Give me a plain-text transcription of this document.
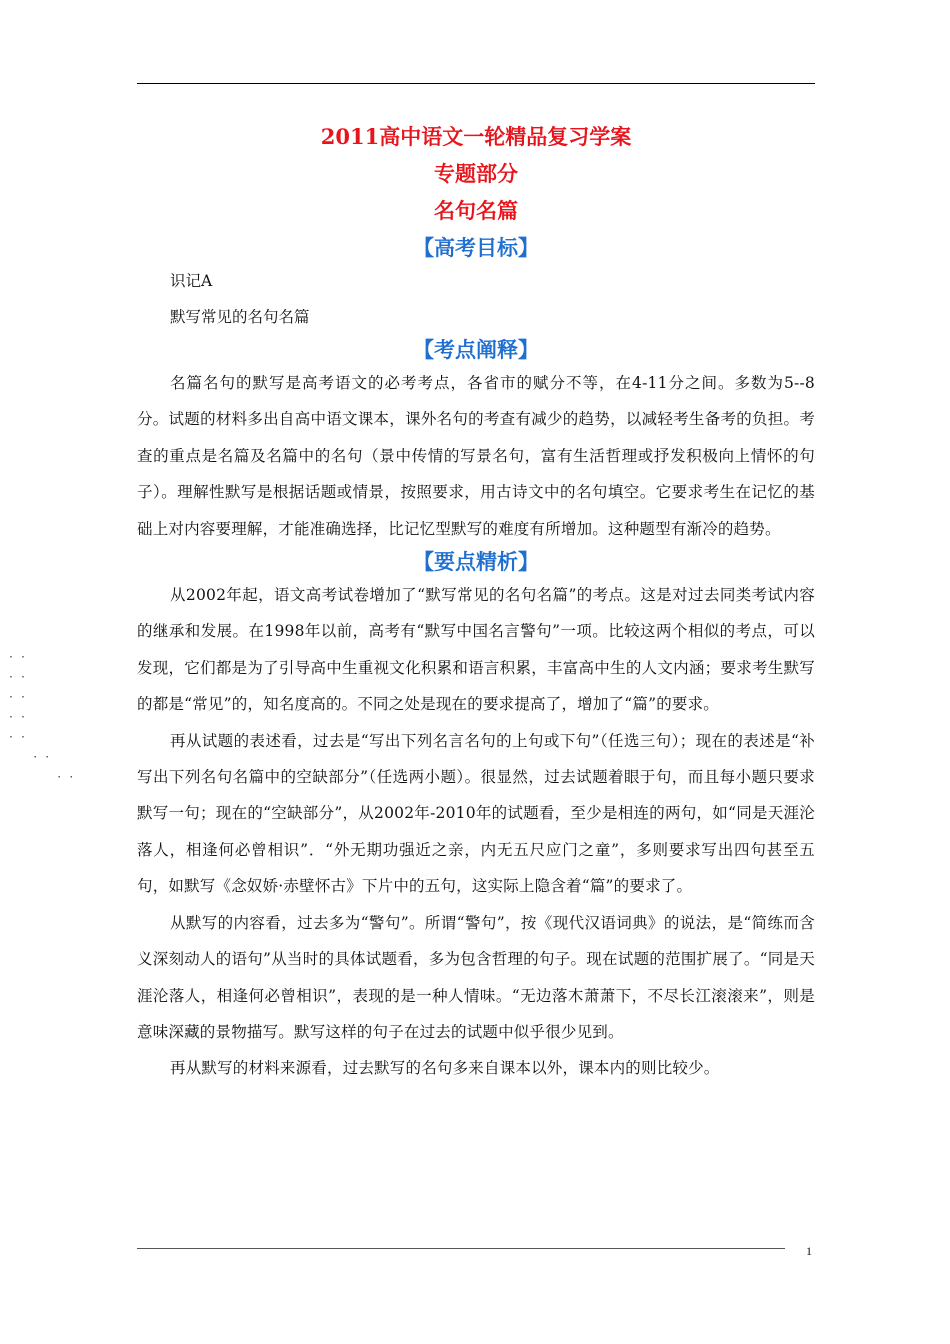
· ·
· ·
· ·
· ·
· ·
· ·
· ·
2011高中语文一轮精品复习学案
专题部分
名句名篇
【高考目标】

识记A

默写常见的名句名篇

【考点阐释】

名篇名句的默写是高考语文的必考考点，各省市的赋分不等，在4-11分之间。多数为5--8分。试题的材料多出自高中语文课本，课外名句的考查有减少的趋势，以减轻考生备考的负担。考查的重点是名篇及名篇中的名句（景中传情的写景名句，富有生活哲理或抒发积极向上情怀的句子）。理解性默写是根据话题或情景，按照要求，用古诗文中的名句填空。它要求考生在记忆的基础上对内容要理解，才能准确选择，比记忆型默写的难度有所增加。这种题型有渐冷的趋势。

【要点精析】

从2002年起，语文高考试卷增加了“默写常见的名句名篇”的考点。这是对过去同类考试内容的继承和发展。在1998年以前，高考有“默写中国名言警句”一项。比较这两个相似的考点，可以发现，它们都是为了引导高中生重视文化积累和语言积累，丰富高中生的人文内涵；要求考生默写的都是“常见”的，知名度高的。不同之处是现在的要求提高了，增加了“篇”的要求。

再从试题的表述看，过去是“写出下列名言名句的上句或下句”（任选三句）；现在的表述是“补写出下列名句名篇中的空缺部分”（任选两小题）。很显然，过去试题着眼于句，而且每小题只要求默写一句；现在的“空缺部分”，从2002年-2010年的试题看，至少是相连的两句，如“同是天涯沦落人，相逢何必曾相识”．“外无期功强近之亲，内无五尺应门之童”，多则要求写出四句甚至五句，如默写《念奴娇·赤壁怀古》下片中的五句，这实际上隐含着“篇”的要求了。

从默写的内容看，过去多为“警句”。所谓“警句”，按《现代汉语词典》的说法，是“简练而含义深刻动人的语句”从当时的具体试题看，多为包含哲理的句子。现在试题的范围扩展了。“同是天涯沦落人，相逢何必曾相识”，表现的是一种人情味。“无边落木萧萧下，不尽长江滚滚来”，则是意味深藏的景物描写。默写这样的句子在过去的试题中似乎很少见到。

再从默写的材料来源看，过去默写的名句多来自课本以外，课本内的则比较少。

1
